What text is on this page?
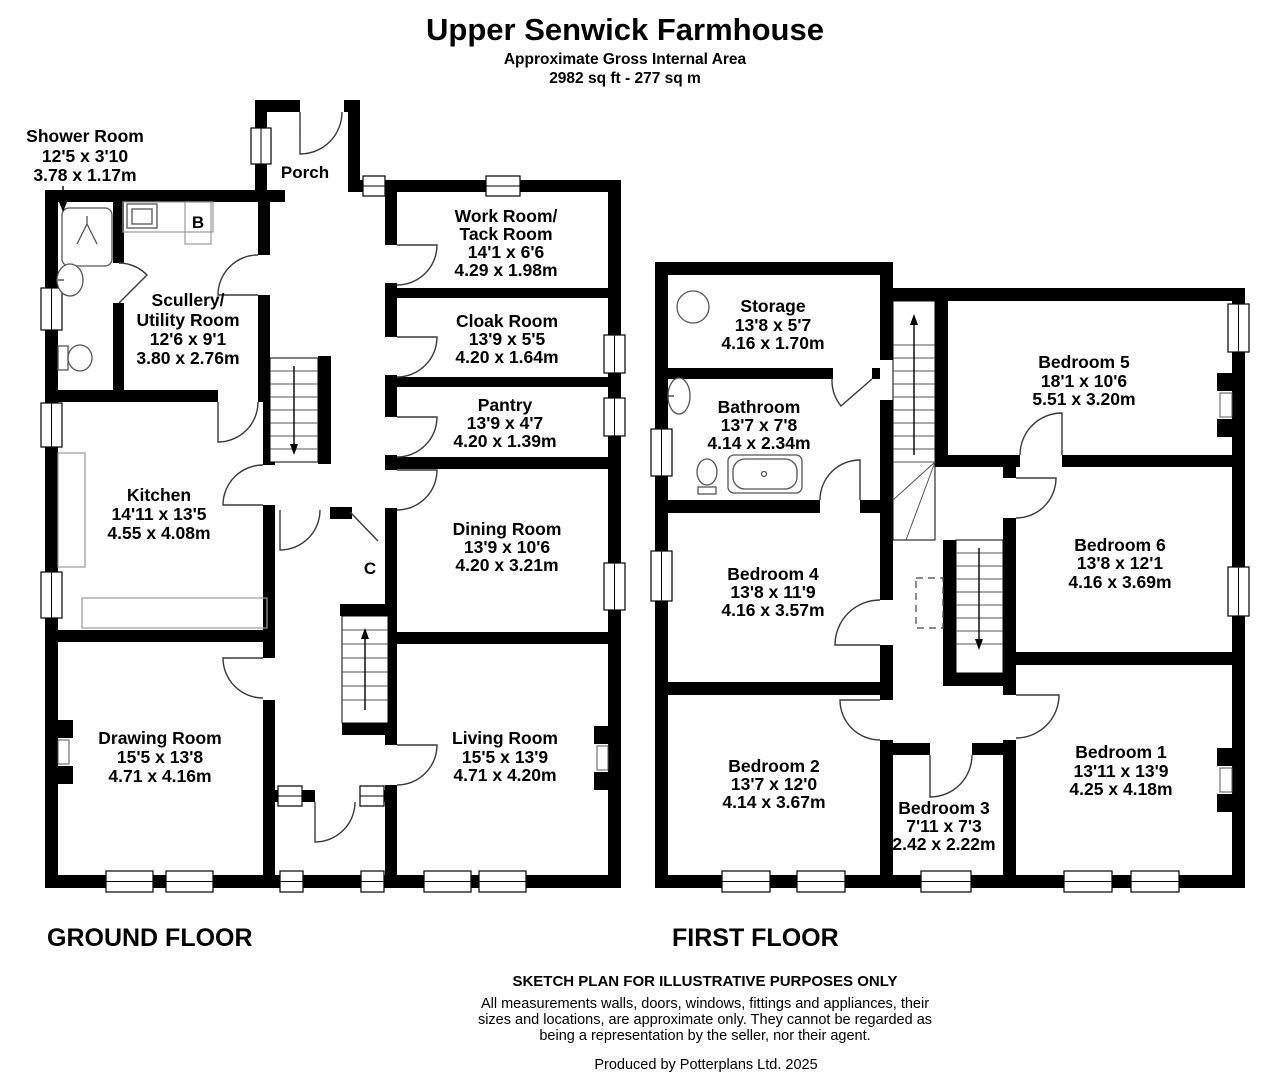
Upper Senwick Farmhouse
Approximate Gross Internal Area
2982 sq ft - 277 sq m
Shower Room
12'5 x 3'10
3.78 x 1.17m	Porch
B
C
Scullery/
Utility Room
12'6 x 9'1
3.80 x 2.76m
Kitchen
14'11 x 13'5
4.55 x 4.08m
Drawing Room
15'5 x 13'8
4.71 x 4.16m
Work Room/
Tack Room
14'1 x 6'6
4.29 x 1.98m
Cloak Room
13'9 x 5'5
4.20 x 1.64m
Pantry
13'9 x 4'7
4.20 x 1.39m
Dining Room
13'9 x 10'6
4.20 x 3.21m
Living Room
15'5 x 13'9
4.71 x 4.20m
GROUND FLOOR
Storage
13'8 x 5'7
4.16 x 1.70m
Bathroom
13'7 x 7'8
4.14 x 2.34m
Bedroom 5
18'1 x 10'6
5.51 x 3.20m
Bedroom 4
13'8 x 11'9
4.16 x 3.57m
Bedroom 6
13'8 x 12'1
4.16 x 3.69m
Bedroom 2
13'7 x 12'0
4.14 x 3.67m	Bedroom 3
7'11 x 7'3
2.42 x 2.22m
Bedroom 1
13'11 x 13'9
4.25 x 4.18m
FIRST FLOOR
SKETCH PLAN FOR ILLUSTRATIVE PURPOSES ONLY
All measurements walls, doors, windows, fittings and appliances, their
sizes and locations, are approximate only. They cannot be regarded as
being a representation by the seller, nor their agent.
Produced by Potterplans Ltd. 2025
